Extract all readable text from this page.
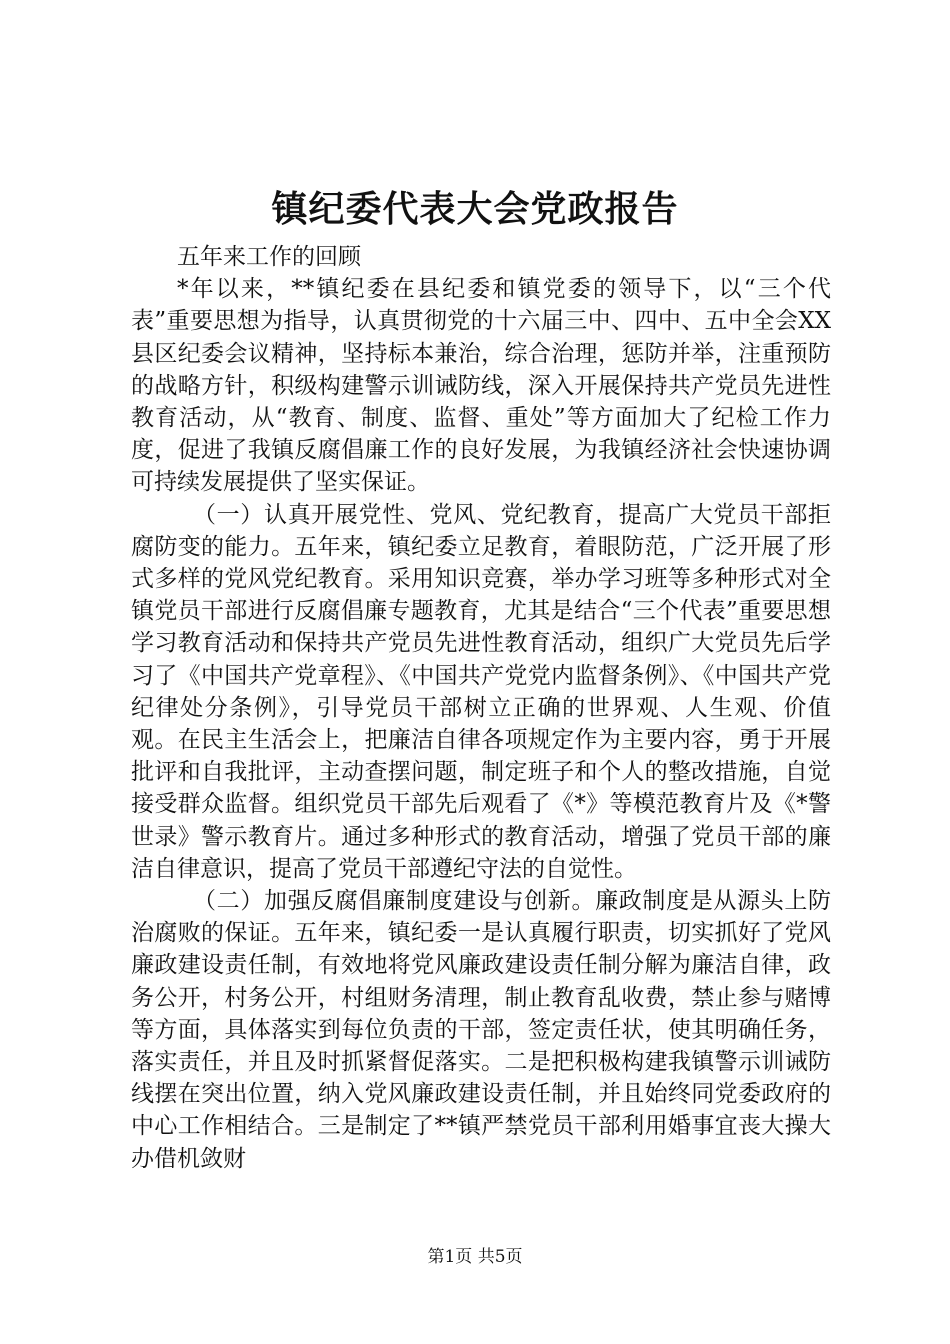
镇纪委代表大会党政报告

五年来工作的回顾

*年以来，**镇纪委在县纪委和镇党委的领导下，以“三个代表”重要思想为指导，认真贯彻党的十六届三中、四中、五中全会XX县区纪委会议精神，坚持标本兼治，综合治理，惩防并举，注重预防的战略方针，积级构建警示训诫防线，深入开展保持共产党员先进性教育活动，从“教育、制度、监督、重处”等方面加大了纪检工作力度，促进了我镇反腐倡廉工作的良好发展，为我镇经济社会快速协调可持续发展提供了坚实保证。

（一）认真开展党性、党风、党纪教育，提高广大党员干部拒腐防变的能力。五年来，镇纪委立足教育，着眼防范，广泛开展了形式多样的党风党纪教育。采用知识竞赛，举办学习班等多种形式对全镇党员干部进行反腐倡廉专题教育，尤其是结合“三个代表”重要思想学习教育活动和保持共产党员先进性教育活动，组织广大党员先后学习了《中国共产党章程》、《中国共产党党内监督条例》、《中国共产党纪律处分条例》，引导党员干部树立正确的世界观、人生观、价值观。在民主生活会上，把廉洁自律各项规定作为主要内容，勇于开展批评和自我批评，主动查摆问题，制定班子和个人的整改措施，自觉接受群众监督。组织党员干部先后观看了《*》等模范教育片及《*警世录》警示教育片。通过多种形式的教育活动，增强了党员干部的廉洁自律意识，提高了党员干部遵纪守法的自觉性。

（二）加强反腐倡廉制度建设与创新。廉政制度是从源头上防治腐败的保证。五年来，镇纪委一是认真履行职责，切实抓好了党风廉政建设责任制，有效地将党风廉政建设责任制分解为廉洁自律，政务公开，村务公开，村组财务清理，制止教育乱收费，禁止参与赌博等方面，具体落实到每位负责的干部，签定责任状，使其明确任务，落实责任，并且及时抓紧督促落实。二是把积极构建我镇警示训诫防线摆在突出位置，纳入党风廉政建设责任制，并且始终同党委政府的中心工作相结合。三是制定了**镇严禁党员干部利用婚事宜丧大操大办借机敛财

第1页 共5页
